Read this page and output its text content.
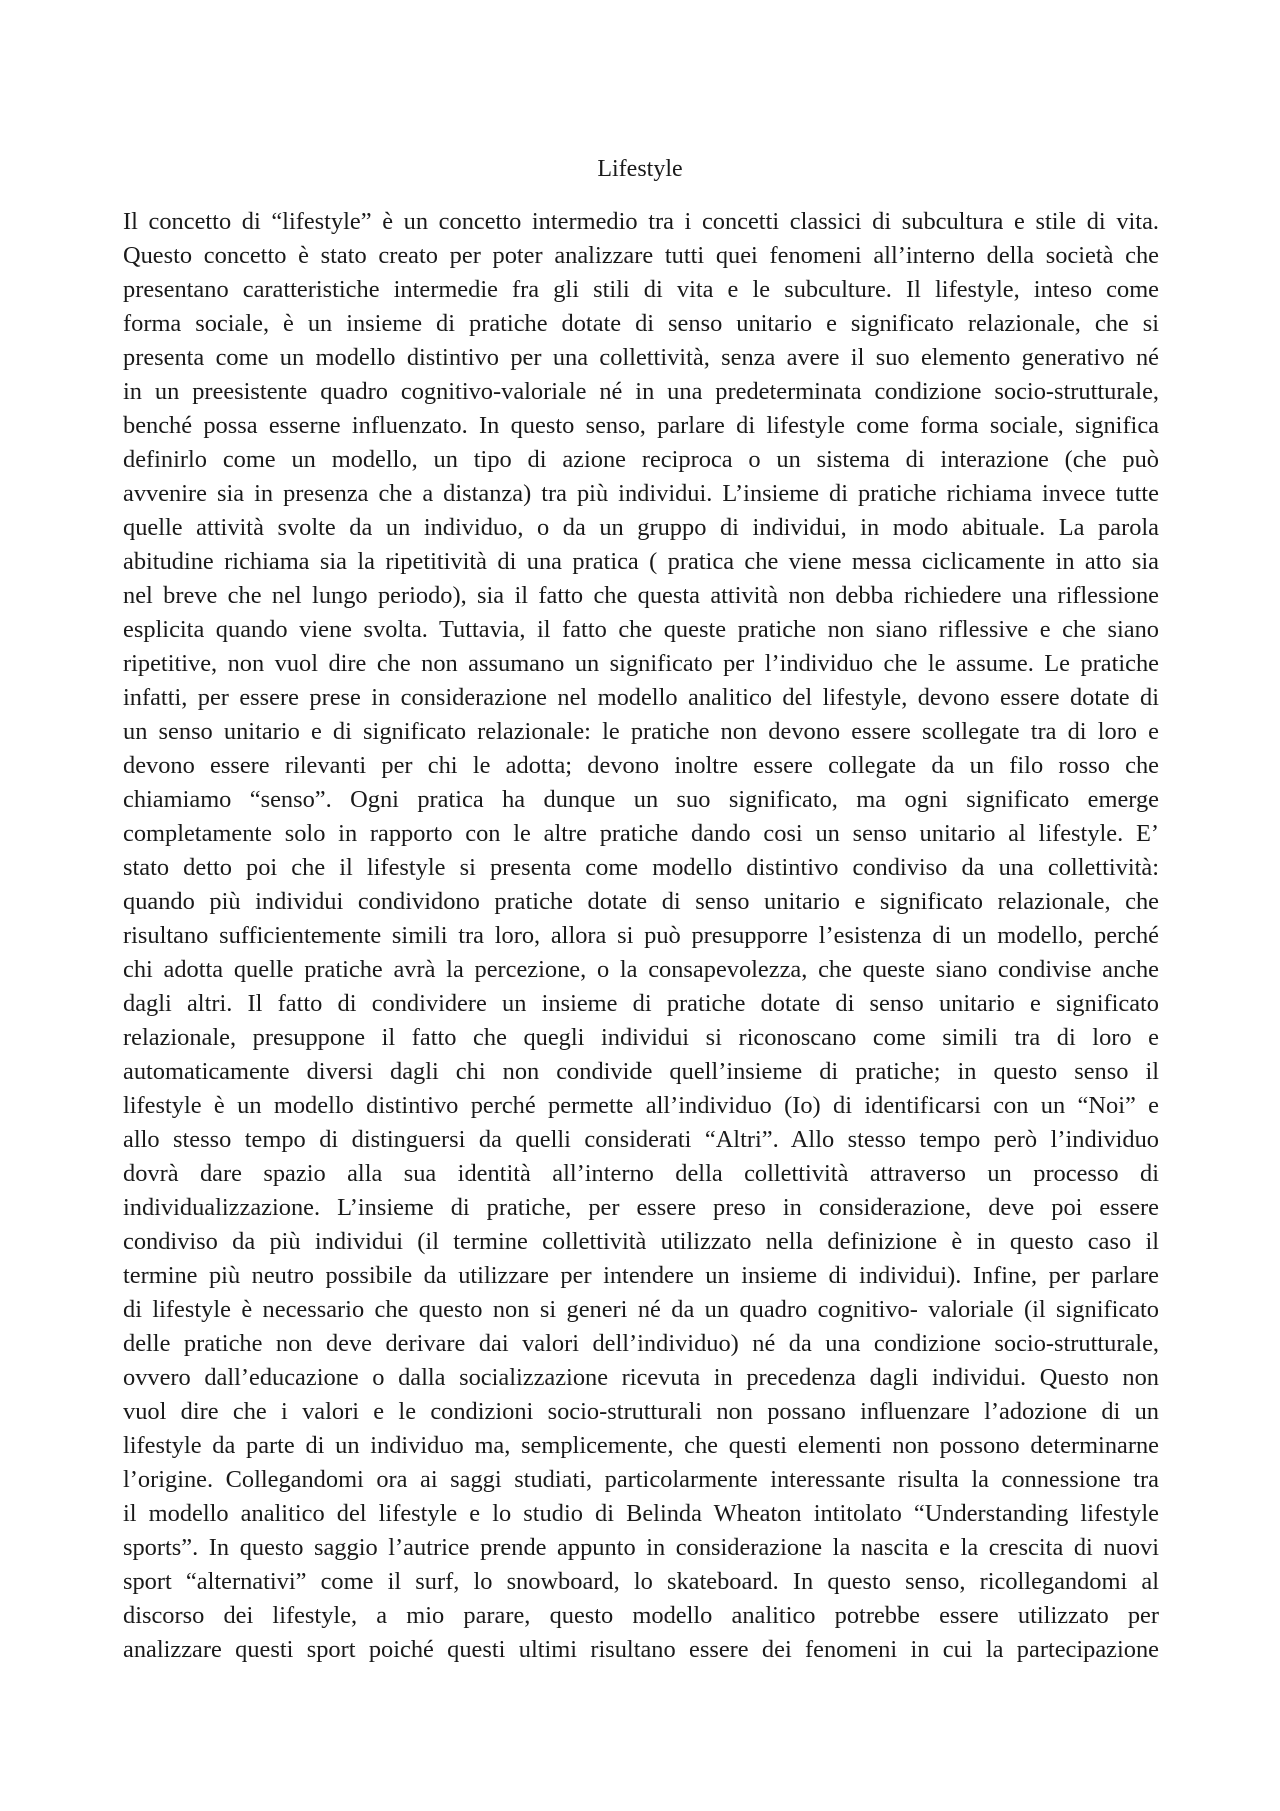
Lifestyle
Il concetto di “lifestyle” è un concetto intermedio tra i concetti classici di subcultura e stile di vita.
Questo concetto è stato creato per poter analizzare tutti quei fenomeni all’interno della società che
presentano caratteristiche intermedie fra gli stili di vita e le subculture. Il lifestyle, inteso come
forma sociale, è un insieme di pratiche dotate di senso unitario e significato relazionale, che si
presenta come un modello distintivo per una collettività, senza avere il suo elemento generativo né
in un preesistente quadro cognitivo-valoriale né in una predeterminata condizione socio-strutturale,
benché possa esserne influenzato. In questo senso, parlare di lifestyle come forma sociale, significa
definirlo come un modello, un tipo di azione reciproca o un sistema di interazione (che può
avvenire sia in presenza che a distanza) tra più individui. L’insieme di pratiche richiama invece tutte
quelle attività svolte da un individuo, o da un gruppo di individui, in modo abituale. La parola
abitudine richiama sia la ripetitività di una pratica ( pratica che viene messa ciclicamente in atto sia
nel breve che nel lungo periodo), sia il fatto che questa attività non debba richiedere una riflessione
esplicita quando viene svolta. Tuttavia, il fatto che queste pratiche non siano riflessive e che siano
ripetitive, non vuol dire che non assumano un significato per l’individuo che le assume. Le pratiche
infatti, per essere prese in considerazione nel modello analitico del lifestyle, devono essere dotate di
un senso unitario e di significato relazionale: le pratiche non devono essere scollegate tra di loro e
devono essere rilevanti per chi le adotta; devono inoltre essere collegate da un filo rosso che
chiamiamo “senso”. Ogni pratica ha dunque un suo significato, ma ogni significato emerge
completamente solo in rapporto con le altre pratiche dando cosi un senso unitario al lifestyle. E’
stato detto poi che il lifestyle si presenta come modello distintivo condiviso da una collettività:
quando più individui condividono pratiche dotate di senso unitario e significato relazionale, che
risultano sufficientemente simili tra loro, allora si può presupporre l’esistenza di un modello, perché
chi adotta quelle pratiche avrà la percezione, o la consapevolezza, che queste siano condivise anche
dagli altri. Il fatto di condividere un insieme di pratiche dotate di senso unitario e significato
relazionale, presuppone il fatto che quegli individui si riconoscano come simili tra di loro e
automaticamente diversi dagli chi non condivide quell’insieme di pratiche; in questo senso il
lifestyle è un modello distintivo perché permette all’individuo (Io) di identificarsi con un “Noi” e
allo stesso tempo di distinguersi da quelli considerati “Altri”. Allo stesso tempo però l’individuo
dovrà dare spazio alla sua identità all’interno della collettività attraverso un processo di
individualizzazione. L’insieme di pratiche, per essere preso in considerazione, deve poi essere
condiviso da più individui (il termine collettività utilizzato nella definizione è in questo caso il
termine più neutro possibile da utilizzare per intendere un insieme di individui). Infine, per parlare
di lifestyle è necessario che questo non si generi né da un quadro cognitivo- valoriale (il significato
delle pratiche non deve derivare dai valori dell’individuo) né da una condizione socio-strutturale,
ovvero dall’educazione o dalla socializzazione ricevuta in precedenza dagli individui. Questo non
vuol dire che i valori e le condizioni socio-strutturali non possano influenzare l’adozione di un
lifestyle da parte di un individuo ma, semplicemente, che questi elementi non possono determinarne
l’origine. Collegandomi ora ai saggi studiati, particolarmente interessante risulta la connessione tra
il modello analitico del lifestyle e lo studio di Belinda Wheaton intitolato “Understanding lifestyle
sports”. In questo saggio l’autrice prende appunto in considerazione la nascita e la crescita di nuovi
sport “alternativi” come il surf, lo snowboard, lo skateboard. In questo senso, ricollegandomi al
discorso dei lifestyle, a mio parare, questo modello analitico potrebbe essere utilizzato per
analizzare questi sport poiché questi ultimi risultano essere dei fenomeni in cui la partecipazione
